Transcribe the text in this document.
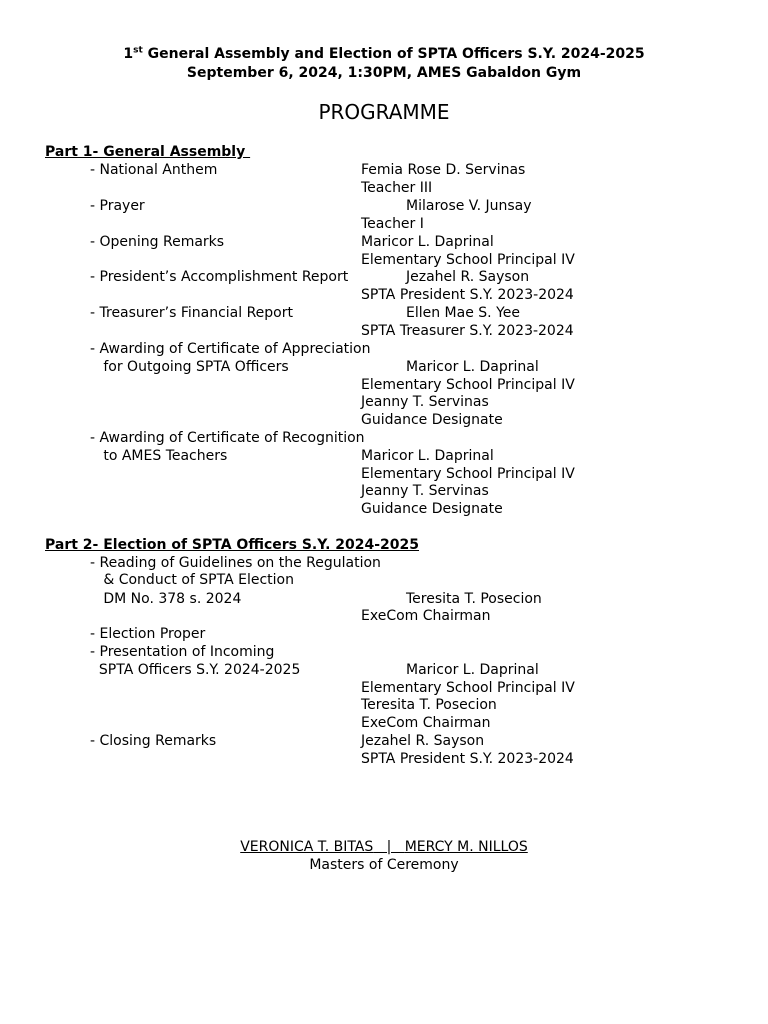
1st General Assembly and Election of SPTA Officers S.Y. 2024-2025
September 6, 2024, 1:30PM, AMES Gabaldon Gym
PROGRAMME
Part 1- General Assembly
- National Anthem	Femia Rose D. Servinas
Teacher III
- Prayer	Milarose V. Junsay
Teacher I
- Opening Remarks	Maricor L. Daprinal
Elementary School Principal IV
- President’s Accomplishment Report	Jezahel R. Sayson
SPTA President S.Y. 2023-2024
- Treasurer’s Financial Report	Ellen Mae S. Yee
SPTA Treasurer S.Y. 2023-2024
- Awarding of Certificate of Appreciation
for Outgoing SPTA Officers	Maricor L. Daprinal
Elementary School Principal IV
Jeanny T. Servinas
Guidance Designate
- Awarding of Certificate of Recognition
to AMES Teachers	Maricor L. Daprinal
Elementary School Principal IV
Jeanny T. Servinas
Guidance Designate
Part 2- Election of SPTA Officers S.Y. 2024-2025
- Reading of Guidelines on the Regulation
& Conduct of SPTA Election
DM No. 378 s. 2024	Teresita T. Posecion
ExeCom Chairman
- Election Proper
- Presentation of Incoming
SPTA Officers S.Y. 2024-2025	Maricor L. Daprinal
Elementary School Principal IV
Teresita T. Posecion
ExeCom Chairman
- Closing Remarks	Jezahel R. Sayson
SPTA President S.Y. 2023-2024
VERONICA T. BITAS   |   MERCY M. NILLOS
Masters of Ceremony
